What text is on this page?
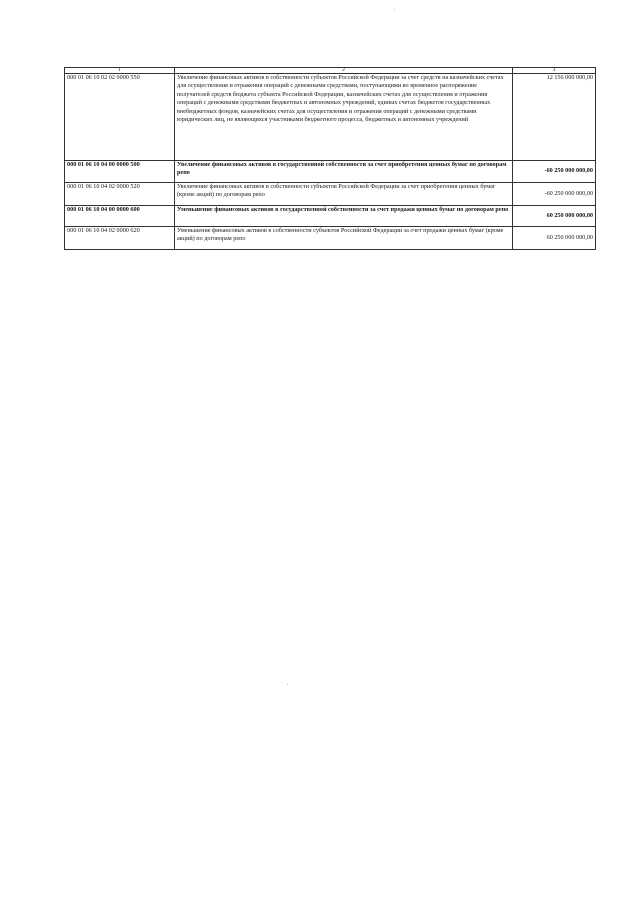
1	2	3
000 01 06 10 02 02 0000 550	Увеличение финансовых активов в собственности субъектов Российской Федерации за счет средств на казначейских счетах для осуществления и отражения операций с денежными средствами, поступающими во временное распоряжение получателей средств бюджета субъекта Российской Федерации, казначейских счетах для осуществления и отражения операций с денежными средствами бюджетных и автономных учреждений, единых счетах бюджетов государственных внебюджетных фондов, казначейских счетах для осуществления и отражения операций с денежными средствами юридических лиц, не являющихся участниками бюджетного процесса, бюджетных и автономных учреждений	12 156 000 000,00
000 01 06 10 04 00 0000 500	Увеличение финансовых активов в государственной собственности за счет приобретения ценных бумаг по договорам репо	-60 250 000 000,00
000 01 06 10 04 02 0000 520	Увеличение финансовых активов в собственности субъектов Российской Федерации за счет приобретения ценных бумаг (кроме акций) по договорам репо	-60 250 000 000,00
000 01 06 10 04 00 0000 600	Уменьшение финансовых активов в государственной собственности за счет продажи ценных бумаг по договорам репо	60 250 000 000,00
000 01 06 10 04 02 0000 620	Уменьшение финансовых активов в собственности субъектов Российской Федерации за счет продажи ценных бумаг (кроме акций) по договорам репо	60 250 000 000,00
